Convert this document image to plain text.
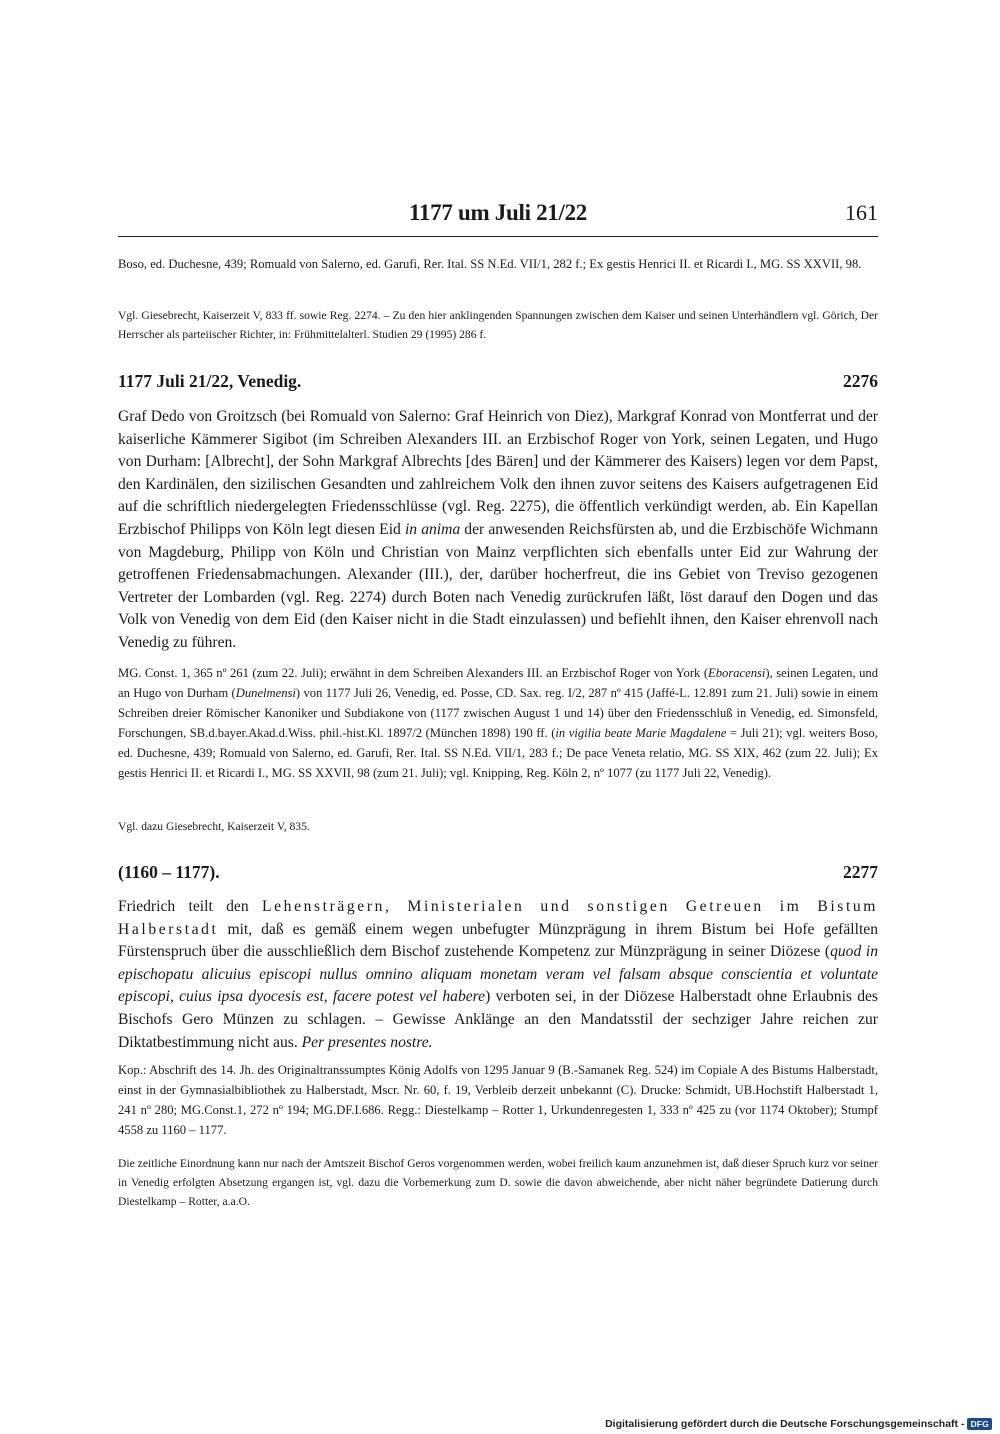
1177 um Juli 21/22	161

Boso, ed. Duchesne, 439; Romuald von Salerno, ed. Garufi, Rer. Ital. SS N.Ed. VII/1, 282 f.; Ex gestis Henrici II. et Ricardi I., MG. SS XXVII, 98.

Vgl. Giesebrecht, Kaiserzeit V, 833 ff. sowie Reg. 2274. – Zu den hier anklingenden Spannungen zwischen dem Kaiser und seinen Unterhändlern vgl. Görich, Der Herrscher als parteiischer Richter, in: Frühmittelalterl. Studien 29 (1995) 286 f.

1177 Juli 21/22, Venedig.	2276

Graf Dedo von Groitzsch (bei Romuald von Salerno: Graf Heinrich von Diez), Markgraf Konrad von Montferrat und der kaiserliche Kämmerer Sigibot (im Schreiben Alexanders III. an Erzbischof Roger von York, seinen Legaten, und Hugo von Durham: [Albrecht], der Sohn Markgraf Albrechts [des Bären] und der Kämmerer des Kaisers) legen vor dem Papst, den Kardinälen, den sizilischen Gesandten und zahlreichem Volk den ihnen zuvor seitens des Kaisers aufgetragenen Eid auf die schriftlich niedergelegten Friedensschlüsse (vgl. Reg. 2275), die öffentlich verkündigt werden, ab. Ein Kapellan Erzbischof Philipps von Köln legt diesen Eid in anima der anwesenden Reichsfürsten ab, und die Erzbischöfe Wichmann von Magdeburg, Philipp von Köln und Christian von Mainz verpflichten sich ebenfalls unter Eid zur Wahrung der getroffenen Friedensabmachungen. Alexander (III.), der, darüber hocherfreut, die ins Gebiet von Treviso gezogenen Vertreter der Lombarden (vgl. Reg. 2274) durch Boten nach Venedig zurückrufen läßt, löst darauf den Dogen und das Volk von Venedig von dem Eid (den Kaiser nicht in die Stadt einzulassen) und befiehlt ihnen, den Kaiser ehrenvoll nach Venedig zu führen.

MG. Const. 1, 365 nº 261 (zum 22. Juli); erwähnt in dem Schreiben Alexanders III. an Erzbischof Roger von York (Eboracensi), seinen Legaten, und an Hugo von Durham (Dunelmensi) von 1177 Juli 26, Venedig, ed. Posse, CD. Sax. reg. I/2, 287 nº 415 (Jaffé-L. 12.891 zum 21. Juli) sowie in einem Schreiben dreier Römischer Kanoniker und Subdiakone von (1177 zwischen August 1 und 14) über den Friedensschluß in Venedig, ed. Simonsfeld, Forschungen, SB.d.bayer.Akad.d.Wiss. phil.-hist.Kl. 1897/2 (München 1898) 190 ff. (in vigilia beate Marie Magdalene = Juli 21); vgl. weiters Boso, ed. Duchesne, 439; Romuald von Salerno, ed. Garufi, Rer. Ital. SS N.Ed. VII/1, 283 f.; De pace Veneta relatio, MG. SS XIX, 462 (zum 22. Juli); Ex gestis Henrici II. et Ricardi I., MG. SS XXVII, 98 (zum 21. Juli); vgl. Knipping, Reg. Köln 2, nº 1077 (zu 1177 Juli 22, Venedig).

Vgl. dazu Giesebrecht, Kaiserzeit V, 835.

(1160 – 1177).	2277

Friedrich teilt den Lehensträgern, Ministerialen und sonstigen Getreuen im Bistum Halberstadt mit, daß es gemäß einem wegen unbefugter Münzprägung in ihrem Bistum bei Hofe gefällten Fürstenspruch über die ausschließlich dem Bischof zustehende Kompetenz zur Münzprägung in seiner Diözese (quod in epischopatu alicuius episcopi nullus omnino aliquam monetam veram vel falsam absque conscientia et voluntate episcopi, cuius ipsa dyocesis est, facere potest vel habere) verboten sei, in der Diözese Halberstadt ohne Erlaubnis des Bischofs Gero Münzen zu schlagen. – Gewisse Anklänge an den Mandatsstil der sechziger Jahre reichen zur Diktatbestimmung nicht aus. Per presentes nostre.

Kop.: Abschrift des 14. Jh. des Originaltranssumptes König Adolfs von 1295 Januar 9 (B.-Samanek Reg. 524) im Copiale A des Bistums Halberstadt, einst in der Gymnasialbibliothek zu Halberstadt, Mscr. Nr. 60, f. 19, Verbleib derzeit unbekannt (C). Drucke: Schmidt, UB.Hochstift Halberstadt 1, 241 nº 280; MG.Const.1, 272 nº 194; MG.DF.I.686. Regg.: Diestelkamp – Rotter 1, Urkundenregesten 1, 333 nº 425 zu (vor 1174 Oktober); Stumpf 4558 zu 1160 – 1177.

Die zeitliche Einordnung kann nur nach der Amtszeit Bischof Geros vorgenommen werden, wobei freilich kaum anzunehmen ist, daß dieser Spruch kurz vor seiner in Venedig erfolgten Absetzung ergangen ist, vgl. dazu die Vorbemerkung zum D. sowie die davon abweichende, aber nicht näher begründete Datierung durch Diestelkamp – Rotter, a.a.O.

Digitalisierung gefördert durch die Deutsche Forschungsgemeinschaft - DFG
